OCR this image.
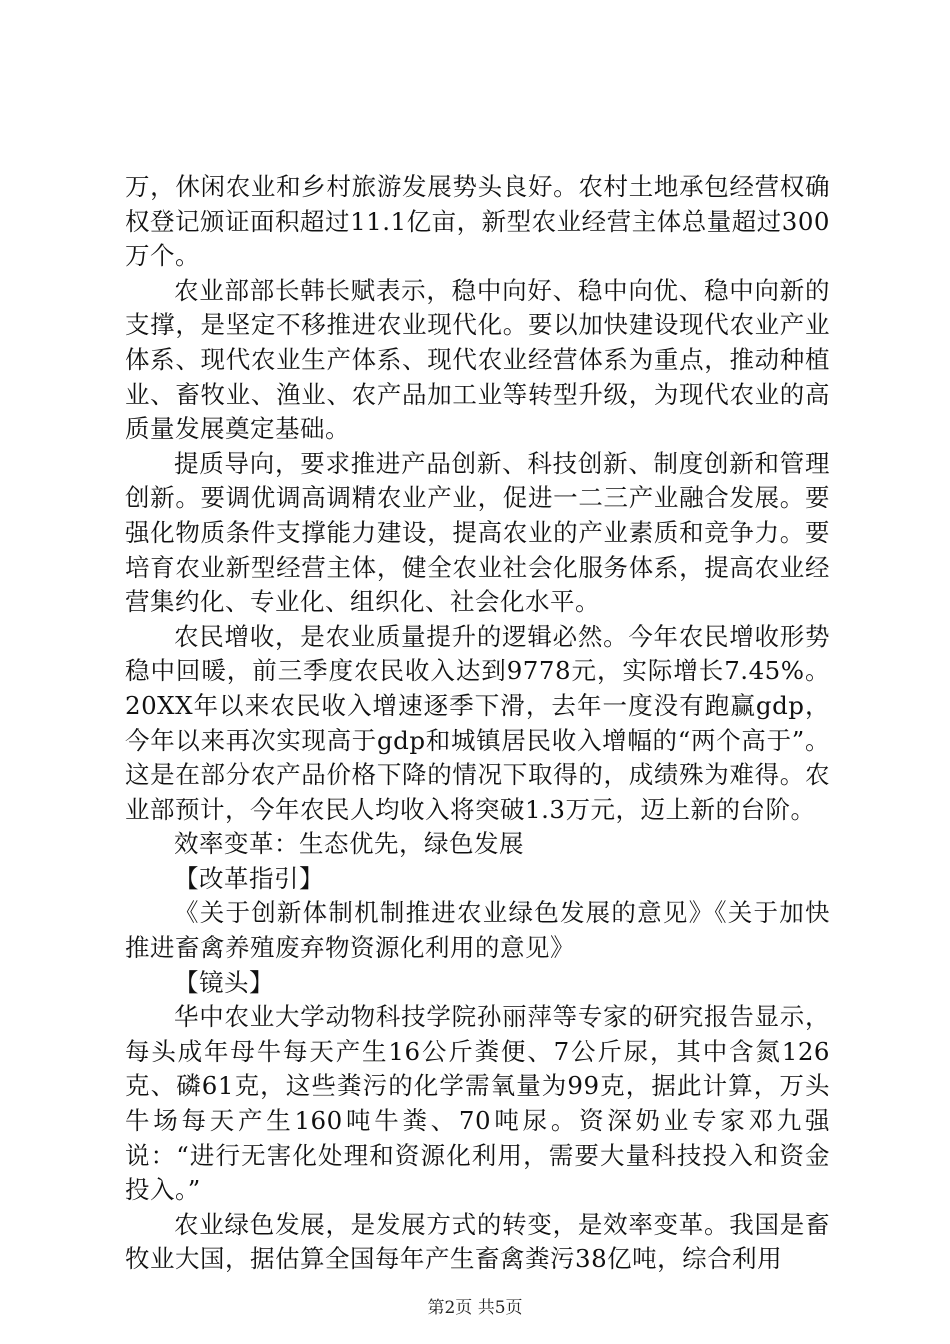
万，休闲农业和乡村旅游发展势头良好。农村土地承包经营权确权登记颁证面积超过11.1亿亩，新型农业经营主体总量超过300万个。

农业部部长韩长赋表示，稳中向好、稳中向优、稳中向新的支撑，是坚定不移推进农业现代化。要以加快建设现代农业产业体系、现代农业生产体系、现代农业经营体系为重点，推动种植业、畜牧业、渔业、农产品加工业等转型升级，为现代农业的高质量发展奠定基础。

提质导向，要求推进产品创新、科技创新、制度创新和管理创新。要调优调高调精农业产业，促进一二三产业融合发展。要强化物质条件支撑能力建设，提高农业的产业素质和竞争力。要培育农业新型经营主体，健全农业社会化服务体系，提高农业经营集约化、专业化、组织化、社会化水平。

农民增收，是农业质量提升的逻辑必然。今年农民增收形势稳中回暖，前三季度农民收入达到9778元，实际增长7.45%。20XX年以来农民收入增速逐季下滑，去年一度没有跑赢gdp，今年以来再次实现高于gdp和城镇居民收入增幅的“两个高于”。这是在部分农产品价格下降的情况下取得的，成绩殊为难得。农业部预计，今年农民人均收入将突破1.3万元，迈上新的台阶。

效率变革：生态优先，绿色发展

【改革指引】

《关于创新体制机制推进农业绿色发展的意见》《关于加快推进畜禽养殖废弃物资源化利用的意见》

【镜头】

华中农业大学动物科技学院孙丽萍等专家的研究报告显示，每头成年母牛每天产生16公斤粪便、7公斤尿，其中含氮126克、磷61克，这些粪污的化学需氧量为99克，据此计算，万头牛场每天产生160吨牛粪、70吨尿。资深奶业专家邓九强说：“进行无害化处理和资源化利用，需要大量科技投入和资金投入。”

农业绿色发展，是发展方式的转变，是效率变革。我国是畜牧业大国，据估算全国每年产生畜禽粪污38亿吨，综合利用

第2页 共5页
